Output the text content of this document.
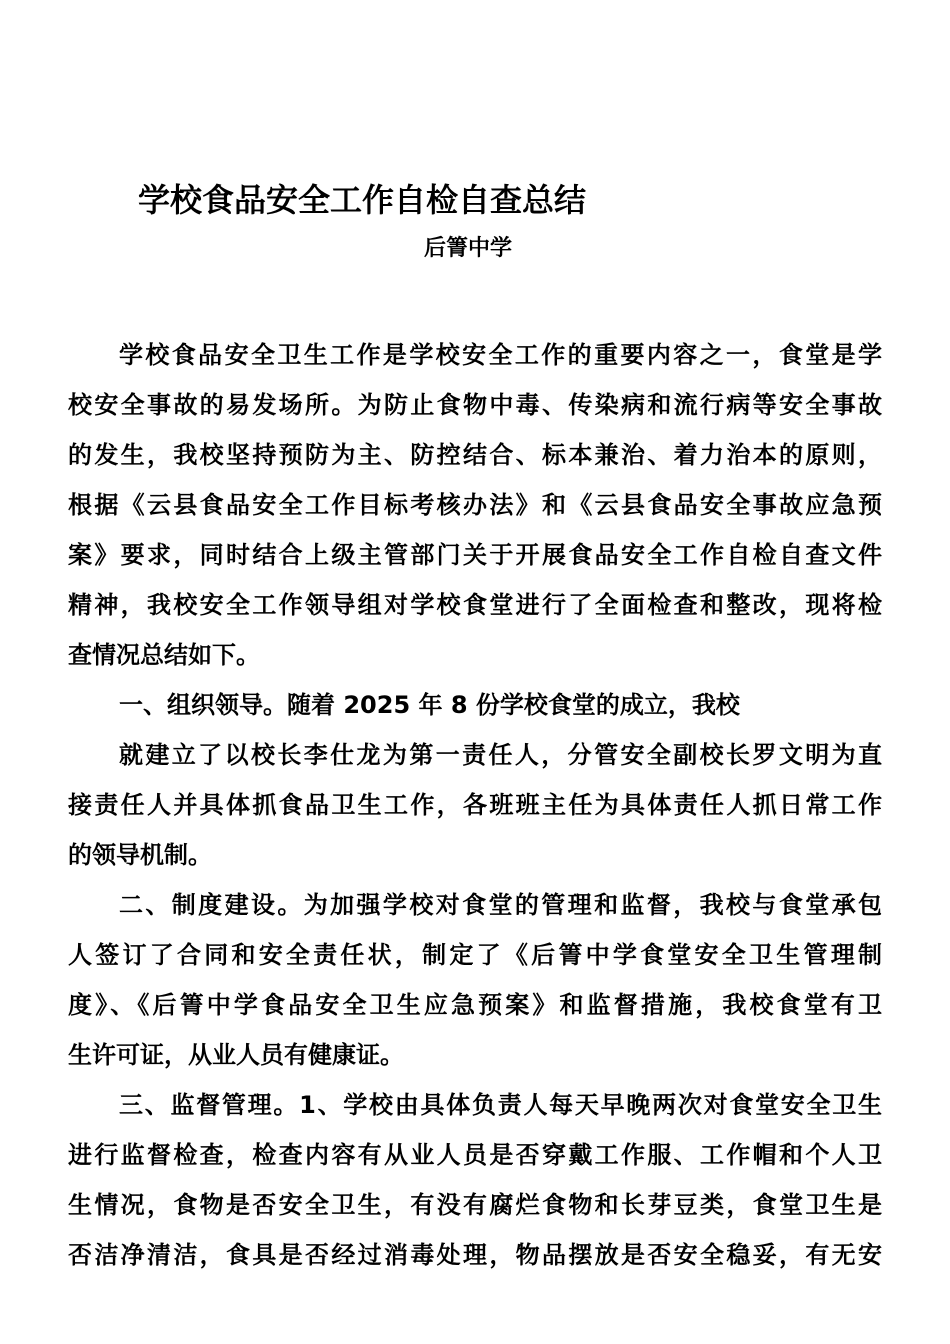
学校食品安全工作自检自查总结
后箐中学
学校食品安全卫生工作是学校安全工作的重要内容之一，食堂是学
校安全事故的易发场所。为防止食物中毒、传染病和流行病等安全事故
的发生，我校坚持预防为主、防控结合、标本兼治、着力治本的原则，
根据《云县食品安全工作目标考核办法》和《云县食品安全事故应急预
案》要求，同时结合上级主管部门关于开展食品安全工作自检自查文件
精神，我校安全工作领导组对学校食堂进行了全面检查和整改，现将检
查情况总结如下。
一、组织领导。随着 2025 年 8 份学校食堂的成立，我校
就建立了以校长李仕龙为第一责任人，分管安全副校长罗文明为直
接责任人并具体抓食品卫生工作，各班班主任为具体责任人抓日常工作
的领导机制。
二、制度建设。为加强学校对食堂的管理和监督，我校与食堂承包
人签订了合同和安全责任状，制定了《后箐中学食堂安全卫生管理制
度》、《后箐中学食品安全卫生应急预案》和监督措施，我校食堂有卫
生许可证，从业人员有健康证。
三、监督管理。1、学校由具体负责人每天早晚两次对食堂安全卫生
进行监督检查，检查内容有从业人员是否穿戴工作服、工作帽和个人卫
生情况，食物是否安全卫生，有没有腐烂食物和长芽豆类，食堂卫生是
否洁净清洁，食具是否经过消毒处理，物品摆放是否安全稳妥，有无安
